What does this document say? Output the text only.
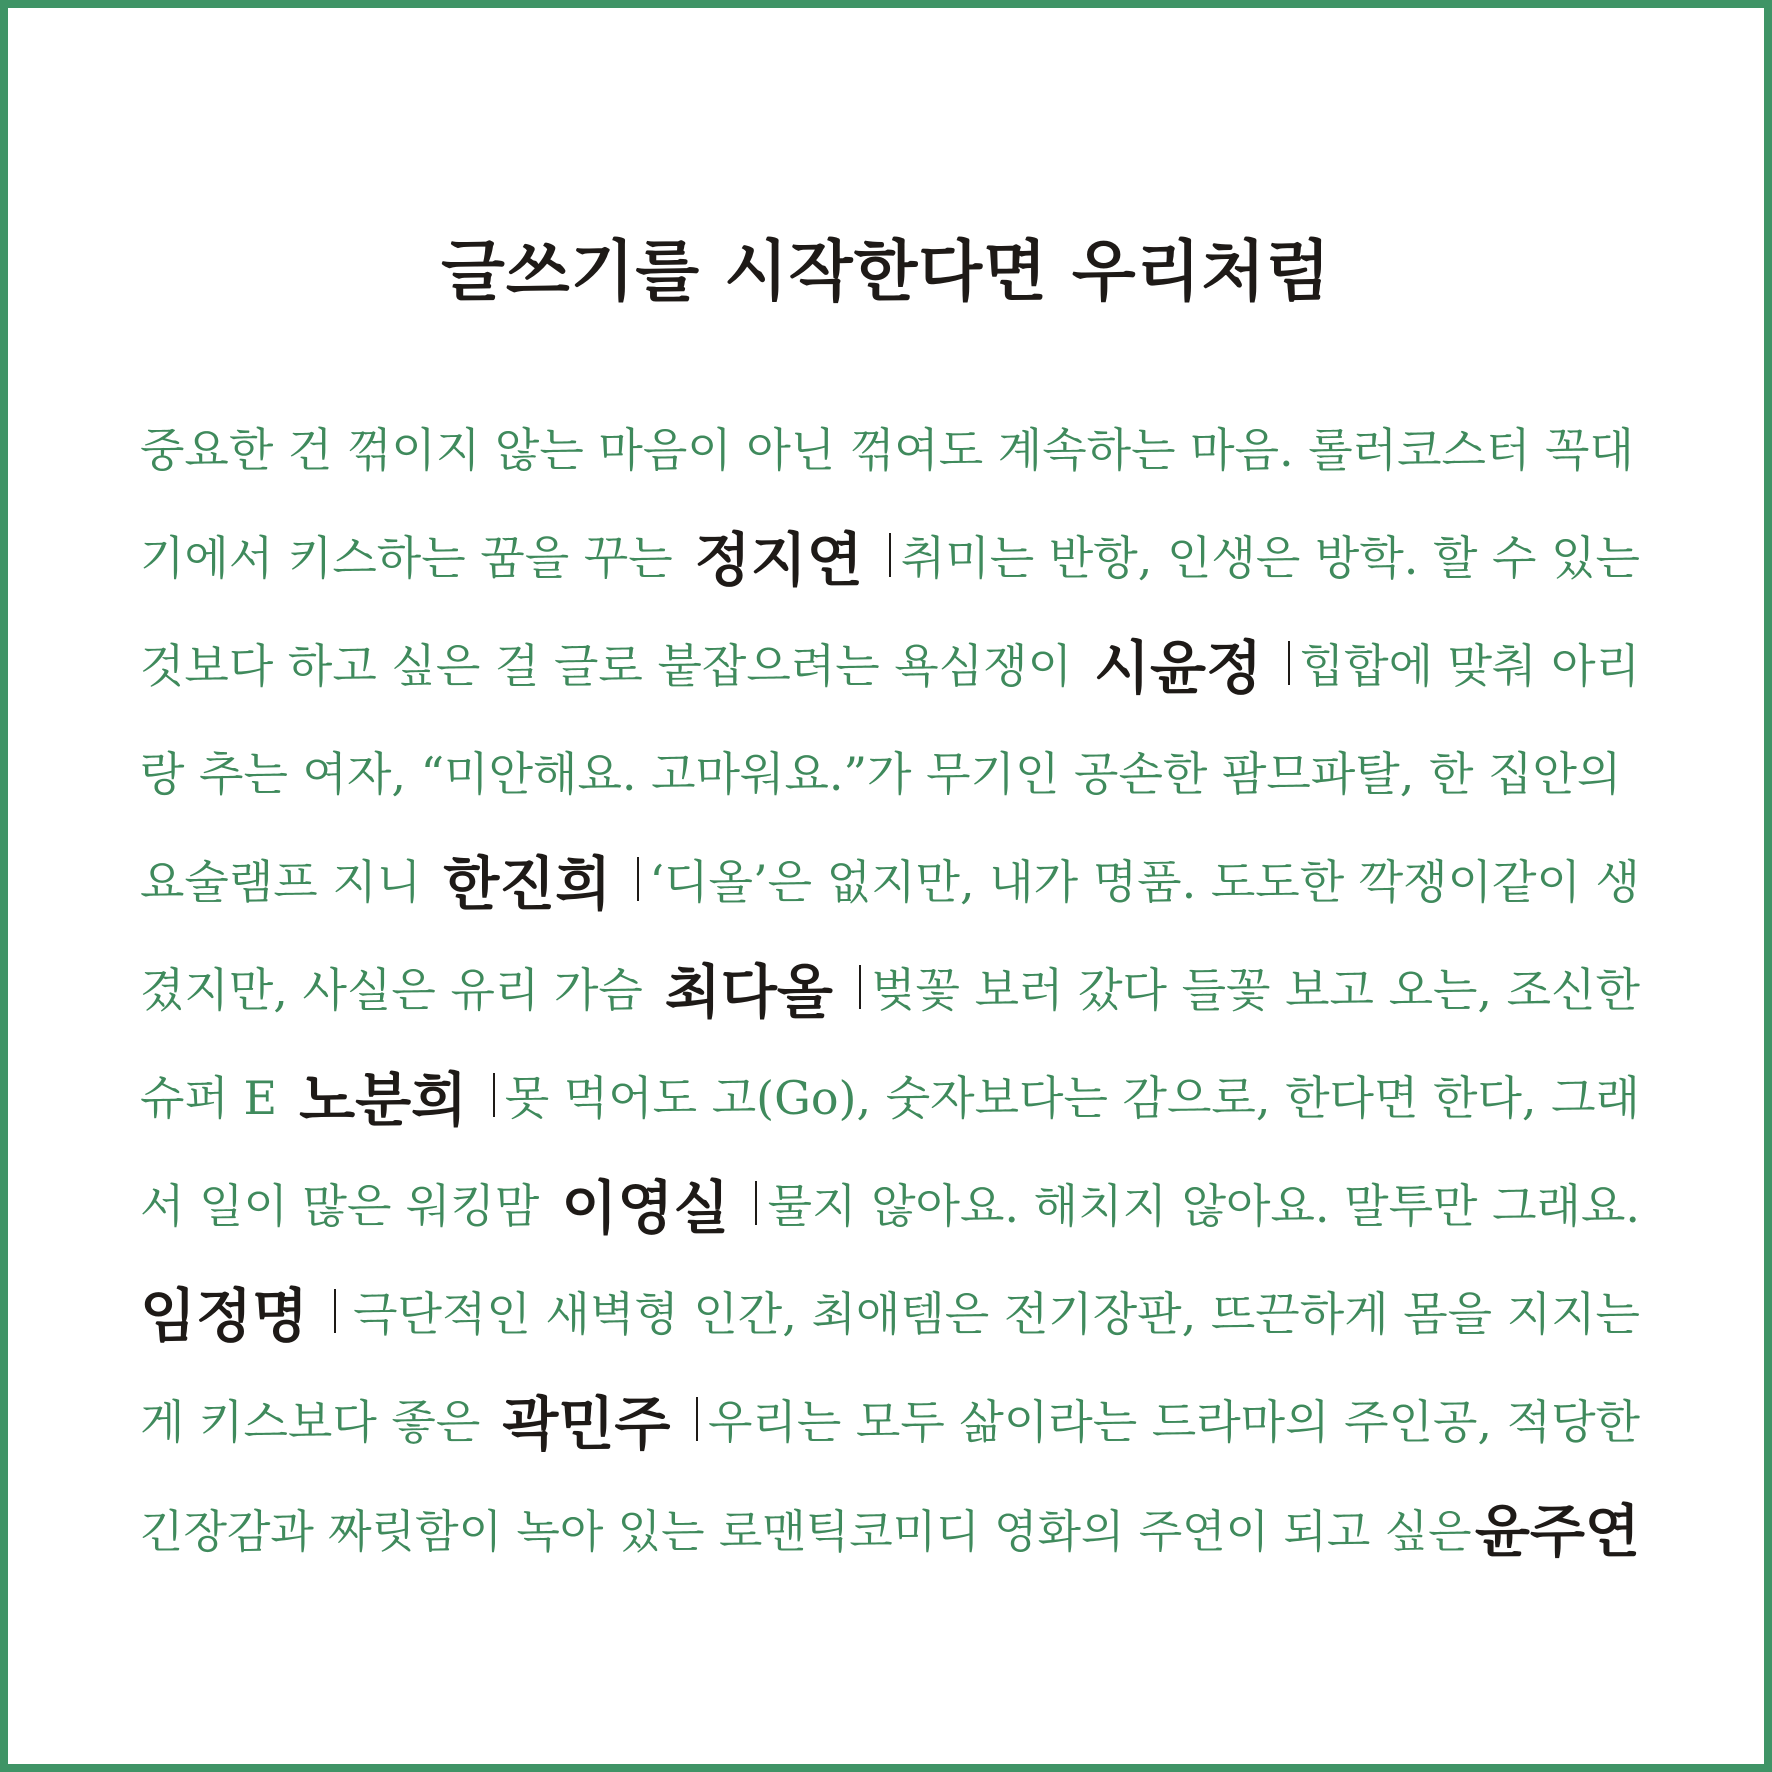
글쓰기를 시작한다면 우리처럼
중요한 건 꺾이지 않는 마음이 아닌 꺾여도 계속하는 마음. 롤러코스터 꼭대
기에서 키스하는 꿈을 꾸는 정지연 취미는 반항, 인생은 방학. 할 수 있는
것보다 하고 싶은 걸 글로 붙잡으려는 욕심쟁이 시윤정 힙합에 맞춰 아리
랑 추는 여자, “미안해요. 고마워요.”가 무기인 공손한 팜므파탈, 한 집안의
요술램프 지니 한진희 ‘디올’은 없지만, 내가 명품. 도도한 깍쟁이같이 생
겼지만, 사실은 유리 가슴 최다올 벚꽃 보러 갔다 들꽃 보고 오는, 조신한
슈퍼 E 노분희 못 먹어도 고(Go), 숫자보다는 감으로, 한다면 한다, 그래
서 일이 많은 워킹맘 이영실 물지 않아요. 해치지 않아요. 말투만 그래요.
임정명 극단적인 새벽형 인간, 최애템은 전기장판, 뜨끈하게 몸을 지지는
게 키스보다 좋은 곽민주 우리는 모두 삶이라는 드라마의 주인공, 적당한
긴장감과 짜릿함이 녹아 있는 로맨틱코미디 영화의 주연이 되고 싶은 윤주연
